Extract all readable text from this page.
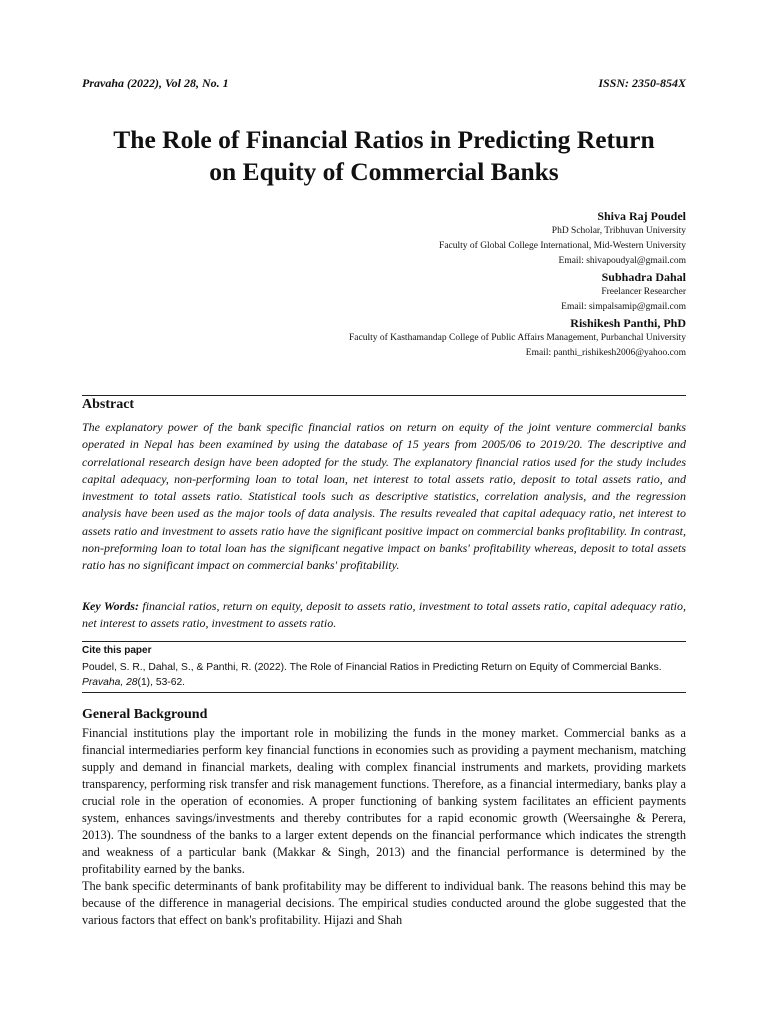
Pravaha (2022), Vol 28, No. 1	ISSN: 2350-854X
The Role of Financial Ratios in Predicting Return
on Equity of Commercial Banks
Shiva Raj Poudel
PhD Scholar, Tribhuvan University
Faculty of Global College International, Mid-Western University
Email: shivapoudyal@gmail.com
Subhadra Dahal
Freelancer Researcher
Email: simpalsamip@gmail.com
Rishikesh Panthi, PhD
Faculty of Kasthamandap College of Public Affairs Management, Purbanchal University
Email: panthi_rishikesh2006@yahoo.com
Abstract

The explanatory power of the bank specific financial ratios on return on equity of the joint venture commercial banks operated in Nepal has been examined by using the database of 15 years from 2005/06 to 2019/20. The descriptive and correlational research design have been adopted for the study. The explanatory financial ratios used for the study includes capital adequacy, non-performing loan to total loan, net interest to total assets ratio, deposit to total assets ratio, and investment to total assets ratio. Statistical tools such as descriptive statistics, correlation analysis, and the regression analysis have been used as the major tools of data analysis. The results revealed that capital adequacy ratio, net interest to assets ratio and investment to assets ratio have the significant positive impact on commercial banks profitability. In contrast, non-preforming loan to total loan has the significant negative impact on banks' profitability whereas, deposit to total assets ratio has no significant impact on commercial banks' profitability.

Key Words: financial ratios, return on equity, deposit to assets ratio, investment to total assets ratio, capital adequacy ratio, net interest to assets ratio, investment to assets ratio.

Cite this paper

Poudel, S. R., Dahal, S., & Panthi, R. (2022). The Role of Financial Ratios in Predicting Return on Equity of Commercial Banks. Pravaha, 28(1), 53-62.

General Background

Financial institutions play the important role in mobilizing the funds in the money market. Commercial banks as a financial intermediaries perform key financial functions in economies such as providing a payment mechanism, matching supply and demand in financial markets, dealing with complex financial instruments and markets, providing markets transparency, performing risk transfer and risk management functions. Therefore, as a financial intermediary, banks play a crucial role in the operation of economies. A proper functioning of banking system facilitates an efficient payments system, enhances savings/investments and thereby contributes for a rapid economic growth (Weersainghe & Perera, 2013). The soundness of the banks to a larger extent depends on the financial performance which indicates the strength and weakness of a particular bank (Makkar & Singh, 2013) and the financial performance is determined by the profitability earned by the banks.

The bank specific determinants of bank profitability may be different to individual bank. The reasons behind this may be because of the difference in managerial decisions. The empirical studies conducted around the globe suggested that the various factors that effect on bank's profitability. Hijazi and Shah
